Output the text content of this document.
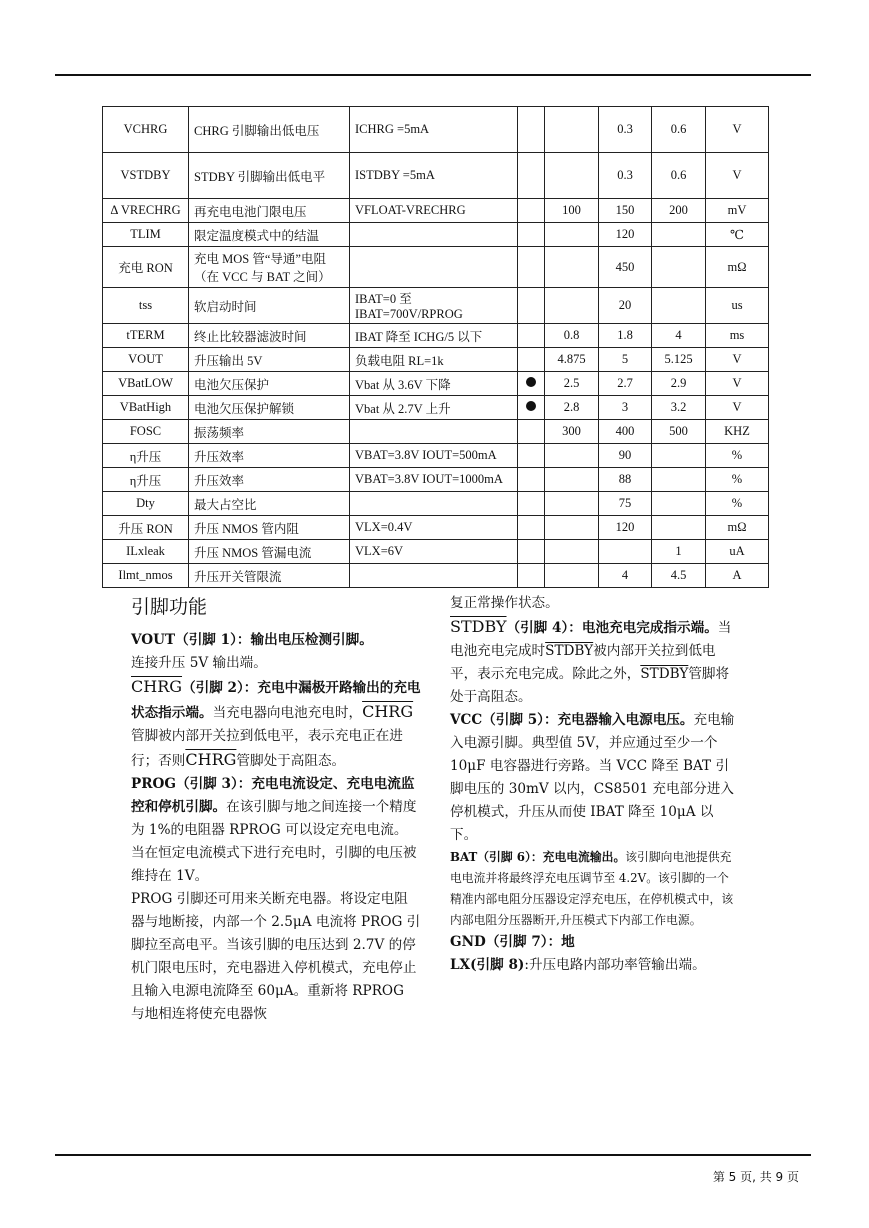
VCHRG	CHRG 引脚输出低电压	ICHRG =5mA			0.3	0.6	V
VSTDBY	STDBY 引脚输出低电平	ISTDBY =5mA			0.3	0.6	V
Δ VRECHRG	再充电电池门限电压	VFLOAT-VRECHRG		100	150	200	mV
TLIM	限定温度模式中的结温				120		℃
充电 RON	充电 MOS 管“导通”电阻（在 VCC 与 BAT 之间）				450		mΩ
tss	软启动时间	IBAT=0 至 IBAT=700V/RPROG			20		us
tTERM	终止比较器滤波时间	IBAT 降至 ICHG/5 以下		0.8	1.8	4	ms
VOUT	升压输出 5V	负载电阻 RL=1k		4.875	5	5.125	V
VBatLOW	电池欠压保护	Vbat 从 3.6V 下降		2.5	2.7	2.9	V
VBatHigh	电池欠压保护解锁	Vbat 从 2.7V 上升		2.8	3	3.2	V
FOSC	振荡频率			300	400	500	KHZ
η升压	升压效率	VBAT=3.8V IOUT=500mA			90		%
η升压	升压效率	VBAT=3.8V IOUT=1000mA			88		%
Dty	最大占空比				75		%
升压 RON	升压 NMOS 管内阻	VLX=0.4V			120		mΩ
ILxleak	升压 NMOS 管漏电流	VLX=6V				1	uA
Ilmt_nmos	升压开关管限流				4	4.5	A
引脚功能

VOUT（引脚 1）：输出电压检测引脚。

连接升压 5V 输出端。

CHRG（引脚 2）：充电中漏极开路输出的充电状态指示端。当充电器向电池充电时，CHRG管脚被内部开关拉到低电平，表示充电正在进行；否则CHRG管脚处于高阻态。

PROG（引脚 3）：充电电流设定、充电电流监控和停机引脚。在该引脚与地之间连接一个精度为 1%的电阻器 RPROG 可以设定充电电流。当在恒定电流模式下进行充电时，引脚的电压被维持在 1V。

PROG 引脚还可用来关断充电器。将设定电阻器与地断接，内部一个 2.5μA 电流将 PROG 引脚拉至高电平。当该引脚的电压达到 2.7V 的停机门限电压时，充电器进入停机模式，充电停止且输入电源电流降至 60μA。重新将 RPROG 与地相连将使充电器恢

复正常操作状态。

STDBY（引脚 4）：电池充电完成指示端。当电池充电完成时STDBY被内部开关拉到低电平，表示充电完成。除此之外，STDBY管脚将处于高阻态。

VCC（引脚 5）：充电器输入电源电压。充电输入电源引脚。典型值 5V，并应通过至少一个 10μF 电容器进行旁路。当 VCC 降至 BAT 引脚电压的 30mV 以内，CS8501 充电部分进入停机模式，升压从而使 IBAT 降至 10μA 以下。

BAT（引脚 6）：充电电流输出。该引脚向电池提供充电电流并将最终浮充电压调节至 4.2V。该引脚的一个精准内部电阻分压器设定浮充电压，在停机模式中，该内部电阻分压器断开,升压模式下内部工作电源。

GND（引脚 7）：地

LX(引脚 8):升压电路内部功率管输出端。

第 5 页, 共 9 页
